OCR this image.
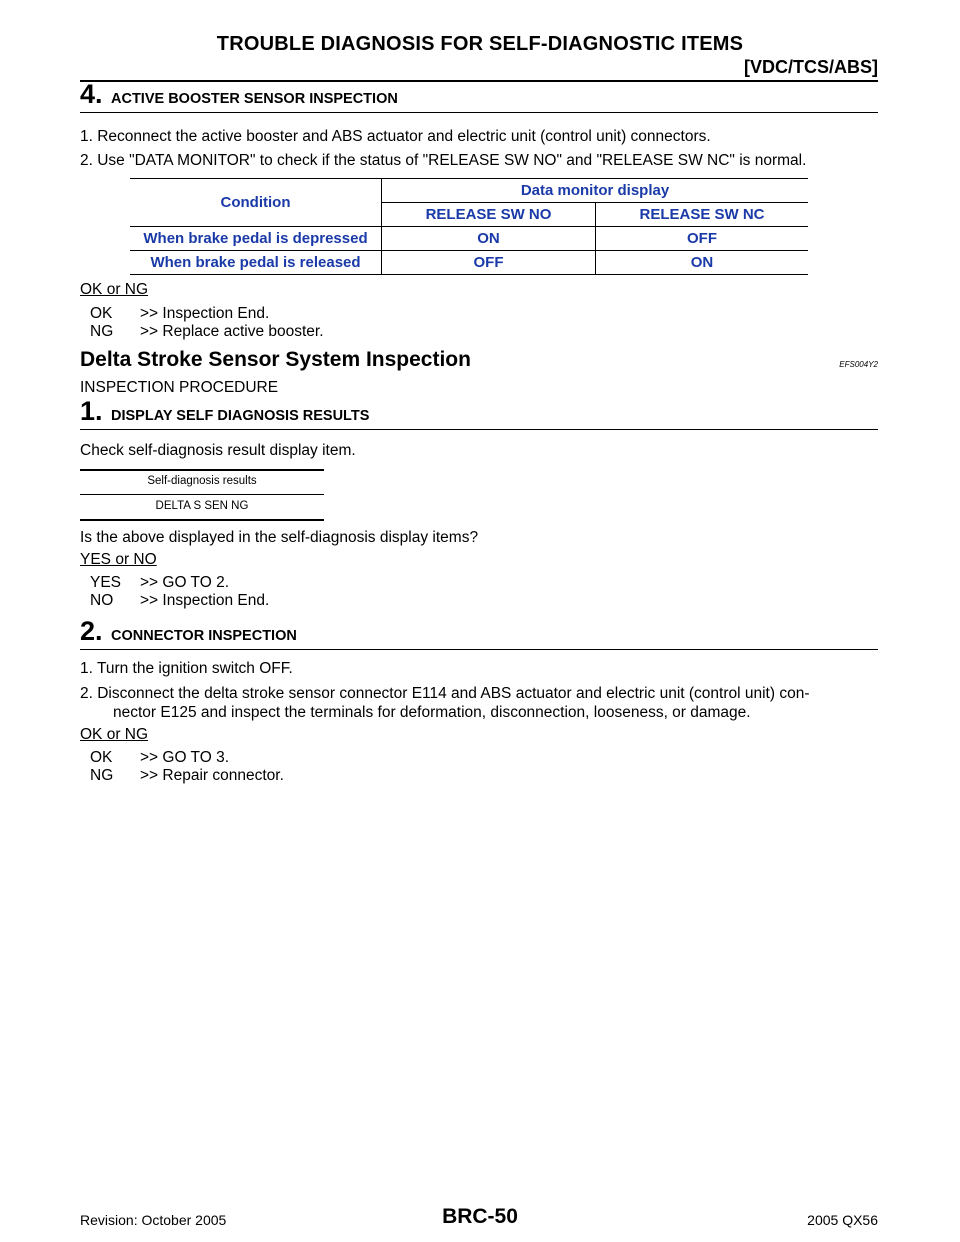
TROUBLE DIAGNOSIS FOR SELF-DIAGNOSTIC ITEMS
[VDC/TCS/ABS]
4. ACTIVE BOOSTER SENSOR INSPECTION
1. Reconnect the active booster and ABS actuator and electric unit (control unit) connectors.
2. Use "DATA MONITOR" to check if the status of "RELEASE SW NO" and "RELEASE SW NC" is normal.
Condition	Data monitor display	
	RELEASE SW NO	RELEASE SW NC
When brake pedal is depressed	ON	OFF
When brake pedal is released	OFF	ON
OK or NG
OK >> Inspection End.
NG >> Replace active booster.
Delta Stroke Sensor System Inspection	EFS004Y2
INSPECTION PROCEDURE
1. DISPLAY SELF DIAGNOSIS RESULTS
Check self-diagnosis result display item.
Self-diagnosis results
DELTA S SEN NG
Is the above displayed in the self-diagnosis display items?
YES or NO
YES >> GO TO 2.
NO >> Inspection End.
2. CONNECTOR INSPECTION
1. Turn the ignition switch OFF.
2. Disconnect the delta stroke sensor connector E114 and ABS actuator and electric unit (control unit) con-
nector E125 and inspect the terminals for deformation, disconnection, looseness, or damage.
OK or NG
OK >> GO TO 3.
NG >> Repair connector.
Revision: October 2005	BRC-50	2005 QX56
